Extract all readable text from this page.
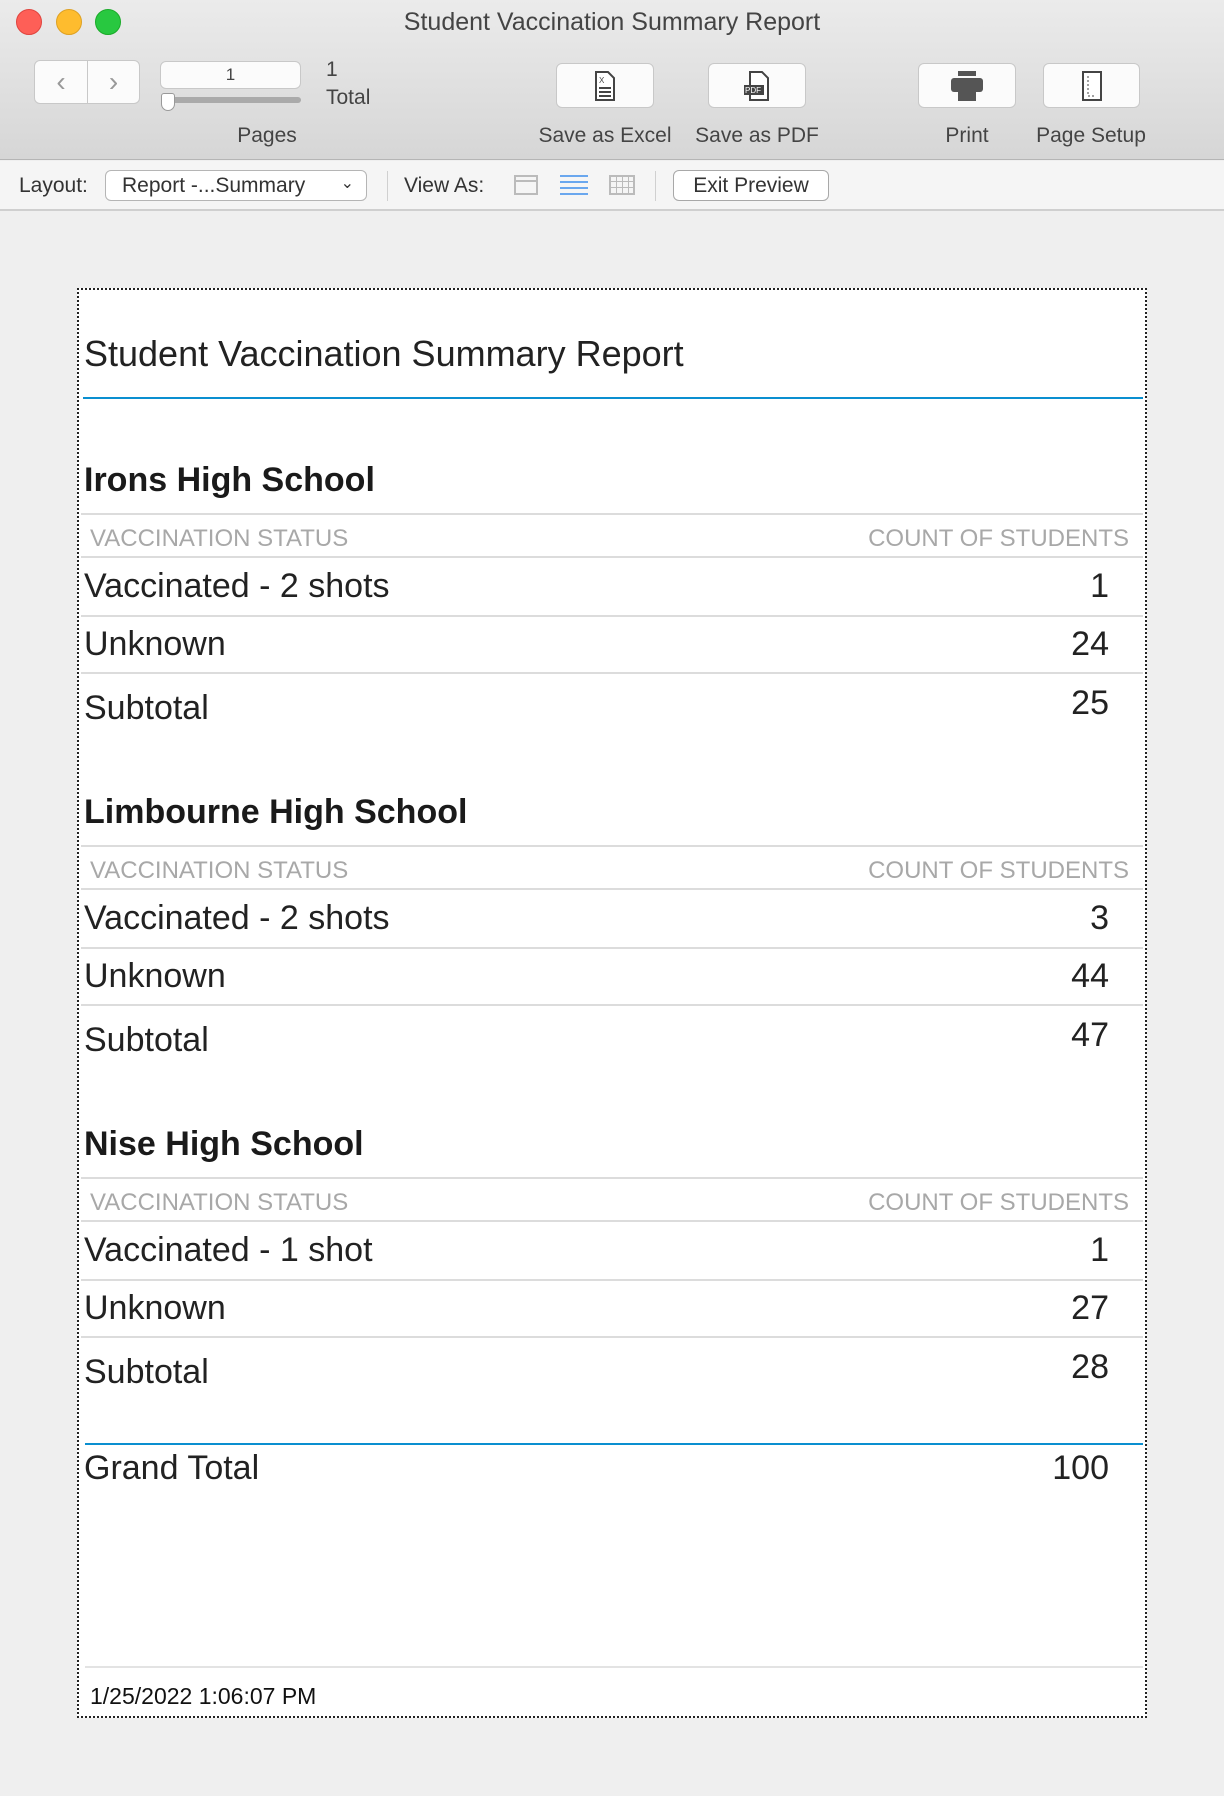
Student Vaccination Summary Report
‹ ›	1	1
Total
Pages
X
PDF
Save as Excel Save as PDF	Print Page Setup
Layout:	Report -...Summary ⌄ View As:	Exit Preview
Student Vaccination Summary Report
Irons High School
VACCINATION STATUS	COUNT OF STUDENTS
Vaccinated - 2 shots	1
Unknown	24
Subtotal	25
Limbourne High School
VACCINATION STATUS	COUNT OF STUDENTS
Vaccinated - 2 shots	3
Unknown	44
Subtotal	47
Nise High School
VACCINATION STATUS	COUNT OF STUDENTS
Vaccinated - 1 shot	1
Unknown	27
Subtotal	28
Grand Total	100
1/25/2022 1:06:07 PM
